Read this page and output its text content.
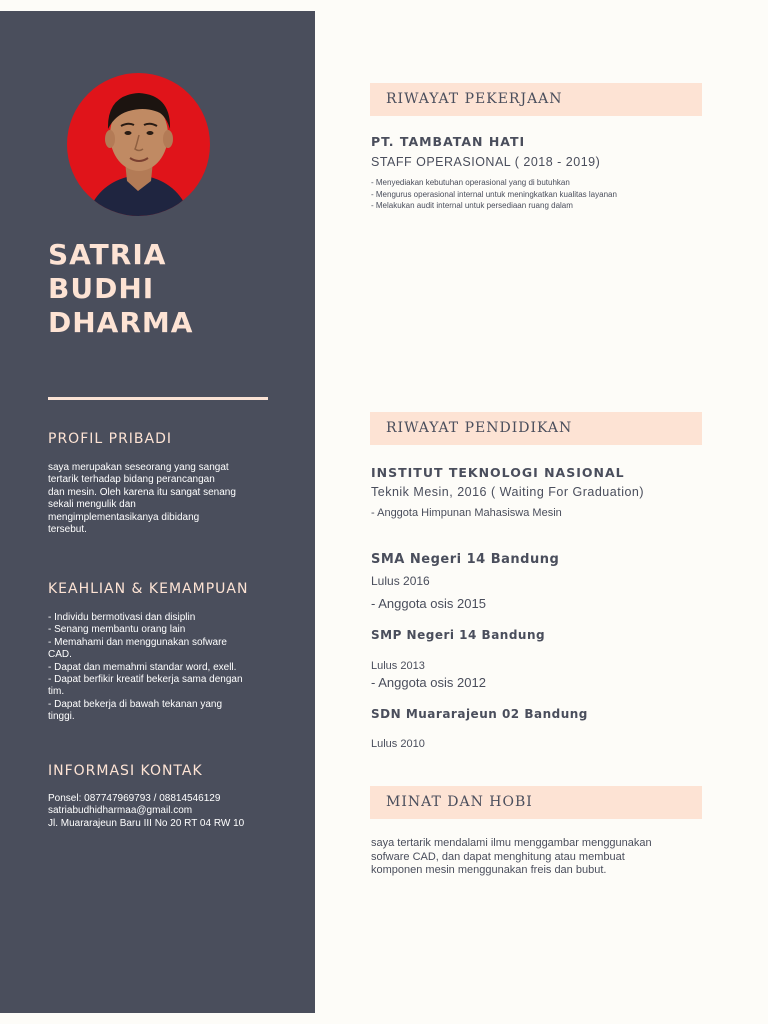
SATRIA
BUDHI
DHARMA
PROFIL PRIBADI
saya merupakan seseorang yang sangat
tertarik terhadap bidang perancangan
dan mesin. Oleh karena itu sangat senang
sekali mengulik dan
mengimplementasikanya dibidang
tersebut.
KEAHLIAN & KEMAMPUAN
- Individu bermotivasi dan disiplin
- Senang membantu orang lain
- Memahami dan menggunakan sofware
CAD.
- Dapat dan memahmi standar word, exell.
- Dapat berfikir kreatif bekerja sama dengan
tim.
- Dapat bekerja di bawah tekanan yang
tinggi.
INFORMASI KONTAK
Ponsel: 087747969793 / 08814546129
satriabudhidharmaa@gmail.com
Jl. Muararajeun Baru III No 20 RT 04 RW 10
RIWAYAT PEKERJAAN
PT. TAMBATAN HATI
STAFF OPERASIONAL ( 2018 - 2019)
- Menyediakan kebutuhan operasional yang di butuhkan
- Mengurus operasional internal untuk meningkatkan kualitas layanan
- Melakukan audit internal untuk persediaan ruang dalam
RIWAYAT PENDIDIKAN
INSTITUT TEKNOLOGI NASIONAL
Teknik Mesin, 2016 ( Waiting For Graduation)
- Anggota Himpunan Mahasiswa Mesin
SMA Negeri 14 Bandung
Lulus 2016
- Anggota osis 2015
SMP Negeri 14 Bandung
Lulus 2013
- Anggota osis 2012
SDN Muararajeun 02 Bandung
Lulus 2010
MINAT DAN HOBI
saya tertarik mendalami ilmu menggambar menggunakan
sofware CAD, dan dapat menghitung atau membuat
komponen mesin menggunakan freis dan bubut.
